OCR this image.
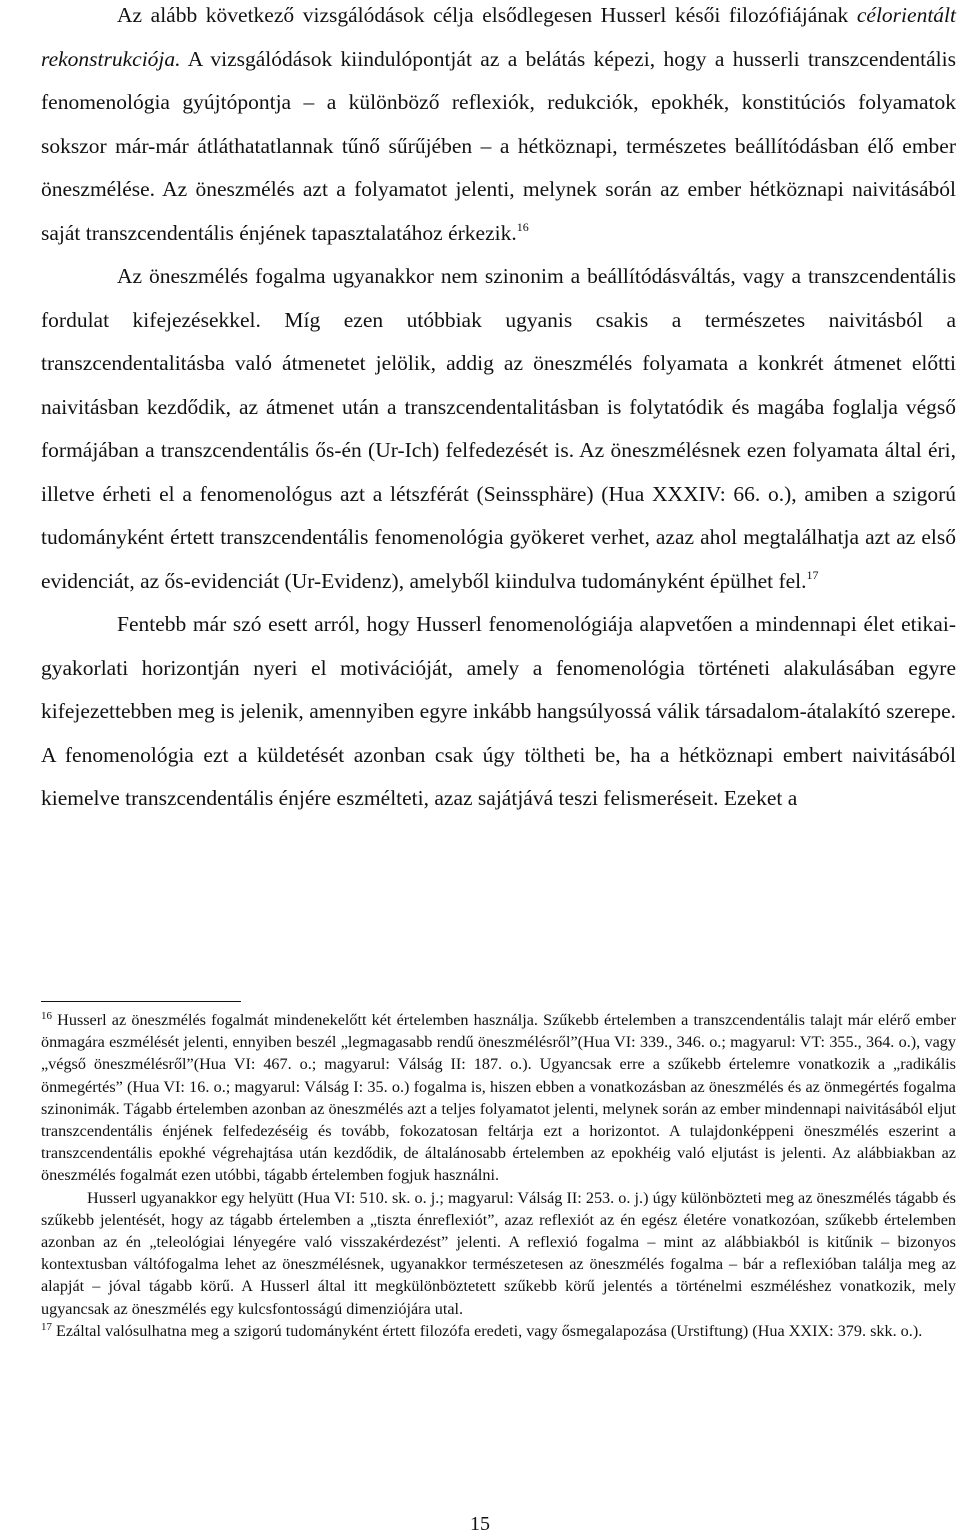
Az alább következő vizsgálódások célja elsődlegesen Husserl késői filozófiájának célorientált rekonstrukciója. A vizsgálódások kiindulópontját az a belátás képezi, hogy a husserli transzcendentális fenomenológia gyújtópontja – a különböző reflexiók, redukciók, epokhék, konstitúciós folyamatok sokszor már-már átláthatatlannak tűnő sűrűjében – a hétköznapi, természetes beállítódásban élő ember öneszmélése. Az öneszmélés azt a folyamatot jelenti, melynek során az ember hétköznapi naivitásából saját transzcendentális énjének tapasztalatához érkezik.$^{16}$

Az öneszmélés fogalma ugyanakkor nem szinonim a beállítódásváltás, vagy a transzcendentális fordulat kifejezésekkel. Míg ezen utóbbiak ugyanis csakis a természetes naivitásból a transzcendentalitásba való átmenetet jelölik, addig az öneszmélés folyamata a konkrét átmenet előtti naivitásban kezdődik, az átmenet után a transzcendentalitásban is folytatódik és magába foglalja végső formájában a transzcendentális ős-én (Ur-Ich) felfedezését is. Az öneszmélésnek ezen folyamata által éri, illetve érheti el a fenomenológus azt a létszférát (Seinssphäre) (Hua XXXIV: 66. o.), amiben a szigorú tudományként értett transzcendentális fenomenológia gyökeret verhet, azaz ahol megtalálhatja azt az első evidenciát, az ős-evidenciát (Ur-Evidenz), amelyből kiindulva tudományként épülhet fel.$^{17}$

Fentebb már szó esett arról, hogy Husserl fenomenológiája alapvetően a mindennapi élet etikai-gyakorlati horizontján nyeri el motivációját, amely a fenomenológia történeti alakulásában egyre kifejezettebben meg is jelenik, amennyiben egyre inkább hangsúlyossá válik társadalom-átalakító szerepe. A fenomenológia ezt a küldetését azonban csak úgy töltheti be, ha a hétköznapi embert naivitásából kiemelve transzcendentális énjére eszmélteti, azaz sajátjává teszi felismeréseit. Ezeket a

$^{16}$ Husserl az öneszmélés fogalmát mindenekelőtt két értelemben használja. Szűkebb értelemben a transzcendentális talajt már elérő ember önmagára eszmélését jelenti, ennyiben beszél „legmagasabb rendű öneszmélésről”(Hua VI: 339., 346. o.; magyarul: VT: 355., 364. o.), vagy „végső öneszmélésről”(Hua VI: 467. o.; magyarul: Válság II: 187. o.). Ugyancsak erre a szűkebb értelemre vonatkozik a „radikális önmegértés” (Hua VI: 16. o.; magyarul: Válság I: 35. o.) fogalma is, hiszen ebben a vonatkozásban az öneszmélés és az önmegértés fogalma szinonimák. Tágabb értelemben azonban az öneszmélés azt a teljes folyamatot jelenti, melynek során az ember mindennapi naivitásából eljut transzcendentális énjének felfedezéséig és tovább, fokozatosan feltárja ezt a horizontot. A tulajdonképpeni öneszmélés eszerint a transzcendentális epokhé végrehajtása után kezdődik, de általánosabb értelemben az epokhéig való eljutást is jelenti. Az alábbiakban az öneszmélés fogalmát ezen utóbbi, tágabb értelemben fogjuk használni.

Husserl ugyanakkor egy helyütt (Hua VI: 510. sk. o. j.; magyarul: Válság II: 253. o. j.) úgy különbözteti meg az öneszmélés tágabb és szűkebb jelentését, hogy az tágabb értelemben a „tiszta énreflexiót”, azaz reflexiót az én egész életére vonatkozóan, szűkebb értelemben azonban az én „teleológiai lényegére való visszakérdezést” jelenti. A reflexió fogalma – mint az alábbiakból is kitűnik – bizonyos kontextusban váltófogalma lehet az öneszmélésnek, ugyanakkor természetesen az öneszmélés fogalma – bár a reflexióban találja meg az alapját – jóval tágabb körű. A Husserl által itt megkülönböztetett szűkebb körű jelentés a történelmi eszméléshez vonatkozik, mely ugyancsak az öneszmélés egy kulcsfontosságú dimenziójára utal.

$^{17}$ Ezáltal valósulhatna meg a szigorú tudományként értett filozófa eredeti, vagy ősmegalapozása (Urstiftung) (Hua XXIX: 379. skk. o.).

15
